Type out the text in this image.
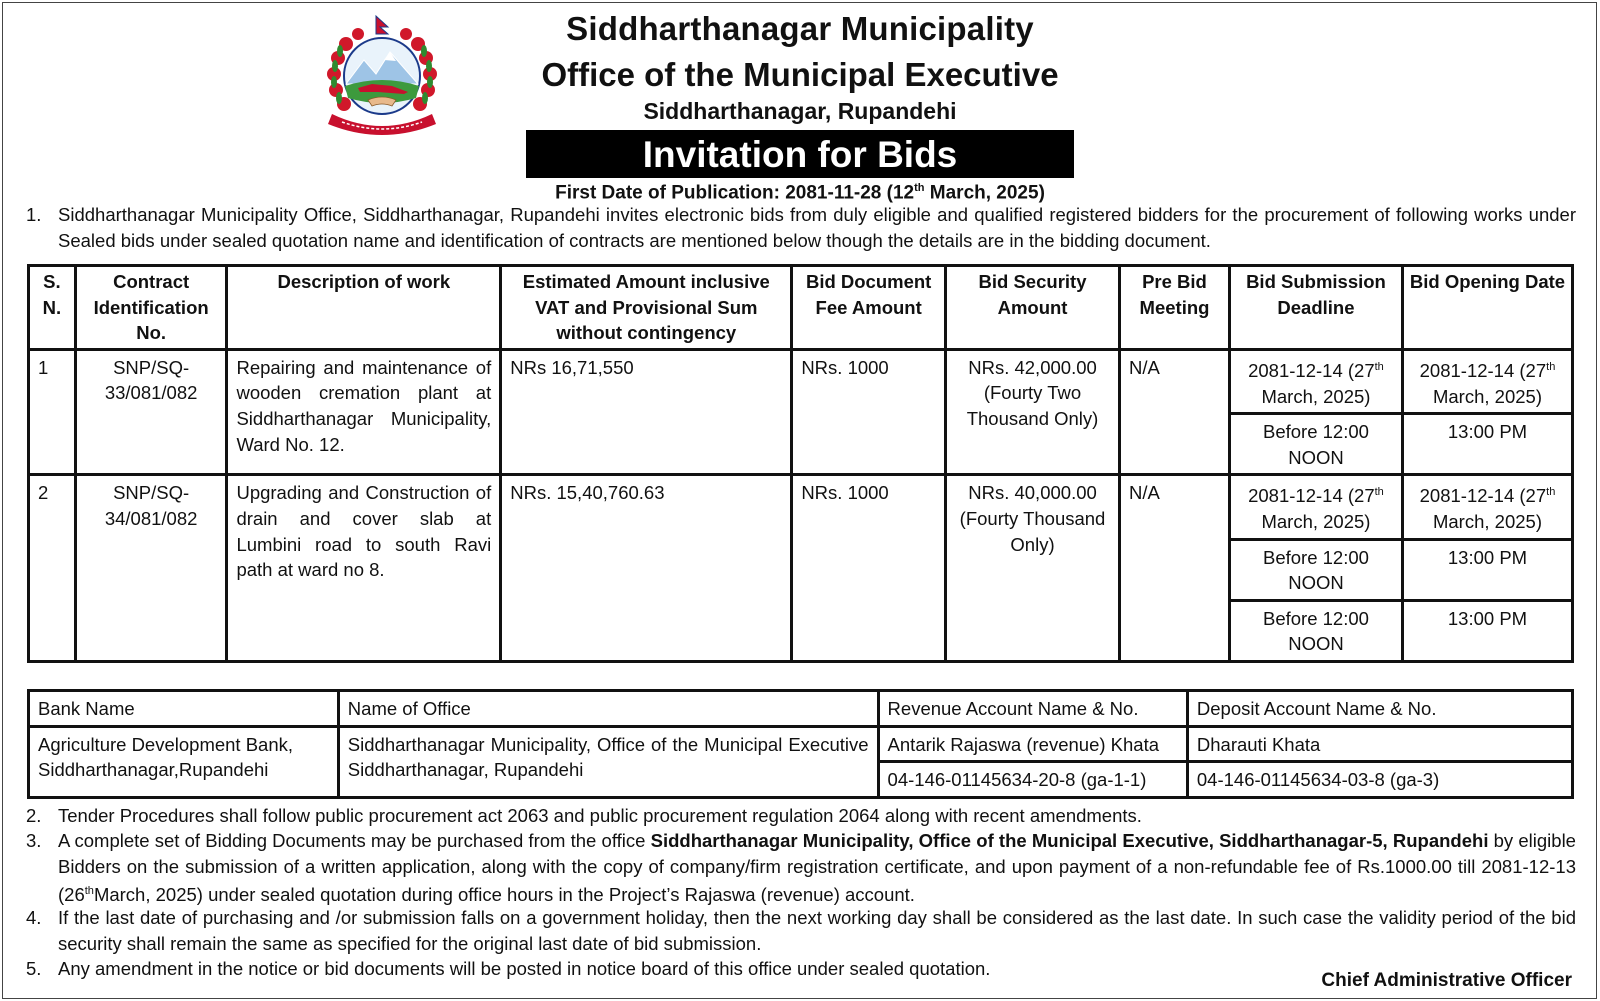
Siddharthanagar Municipality
Office of the Municipal Executive
Siddharthanagar, Rupandehi
Invitation for Bids
First Date of Publication: 2081-11-28 (12th March, 2025)
1. Siddharthanagar Municipality Office, Siddharthanagar, Rupandehi invites electronic bids from duly eligible and qualified registered bidders for the procurement of following works under Sealed bids under sealed quotation name and identification of contracts are mentioned below though the details are in the bidding document.
S. N.	Contract Identification No.	Description of work	Estimated Amount inclusive VAT and Provisional Sum without contingency	Bid Document Fee Amount	Bid Security Amount	Pre Bid Meeting	Bid Submission Deadline	Bid Opening Date
1	SNP/SQ-33/081/082	Repairing and maintenance of wooden cremation plant at Siddharthanagar Municipality, Ward No. 12.	NRs 16,71,550	NRs. 1000	NRs. 42,000.00 (Fourty Two Thousand Only)	N/A	2081-12-14 (27th March, 2025)	2081-12-14 (27th March, 2025)
							Before 12:00 NOON	13:00 PM
2	SNP/SQ-34/081/082	Upgrading and Construction of drain and cover slab at Lumbini road to south Ravi path at ward no 8.	NRs. 15,40,760.63	NRs. 1000	NRs. 40,000.00 (Fourty Thousand Only)	N/A	2081-12-14 (27th March, 2025)	2081-12-14 (27th March, 2025)
							Before 12:00 NOON	13:00 PM
							Before 12:00 NOON	13:00 PM
Bank Name	Name of Office	Revenue Account Name & No.	Deposit Account Name & No.
Agriculture Development Bank, Siddharthanagar,Rupandehi	Siddharthanagar Municipality, Office of the Municipal Executive Siddharthanagar, Rupandehi	Antarik Rajaswa (revenue) Khata	Dharauti Khata
		04-146-01145634-20-8 (ga-1-1)	04-146-01145634-03-8 (ga-3)
2. Tender Procedures shall follow public procurement act 2063 and public procurement regulation 2064 along with recent amendments.
3. A complete set of Bidding Documents may be purchased from the office Siddharthanagar Municipality, Office of the Municipal Executive, Siddharthanagar-5, Rupandehi by eligible Bidders on the submission of a written application, along with the copy of company/firm registration certificate, and upon payment of a non-refundable fee of Rs.1000.00 till 2081-12-13 (26thMarch, 2025) under sealed quotation during office hours in the Project’s Rajaswa (revenue) account.
4. If the last date of purchasing and /or submission falls on a government holiday, then the next working day shall be considered as the last date. In such case the validity period of the bid security shall remain the same as specified for the original last date of bid submission.
5. Any amendment in the notice or bid documents will be posted in notice board of this office under sealed quotation.
Chief Administrative Officer
